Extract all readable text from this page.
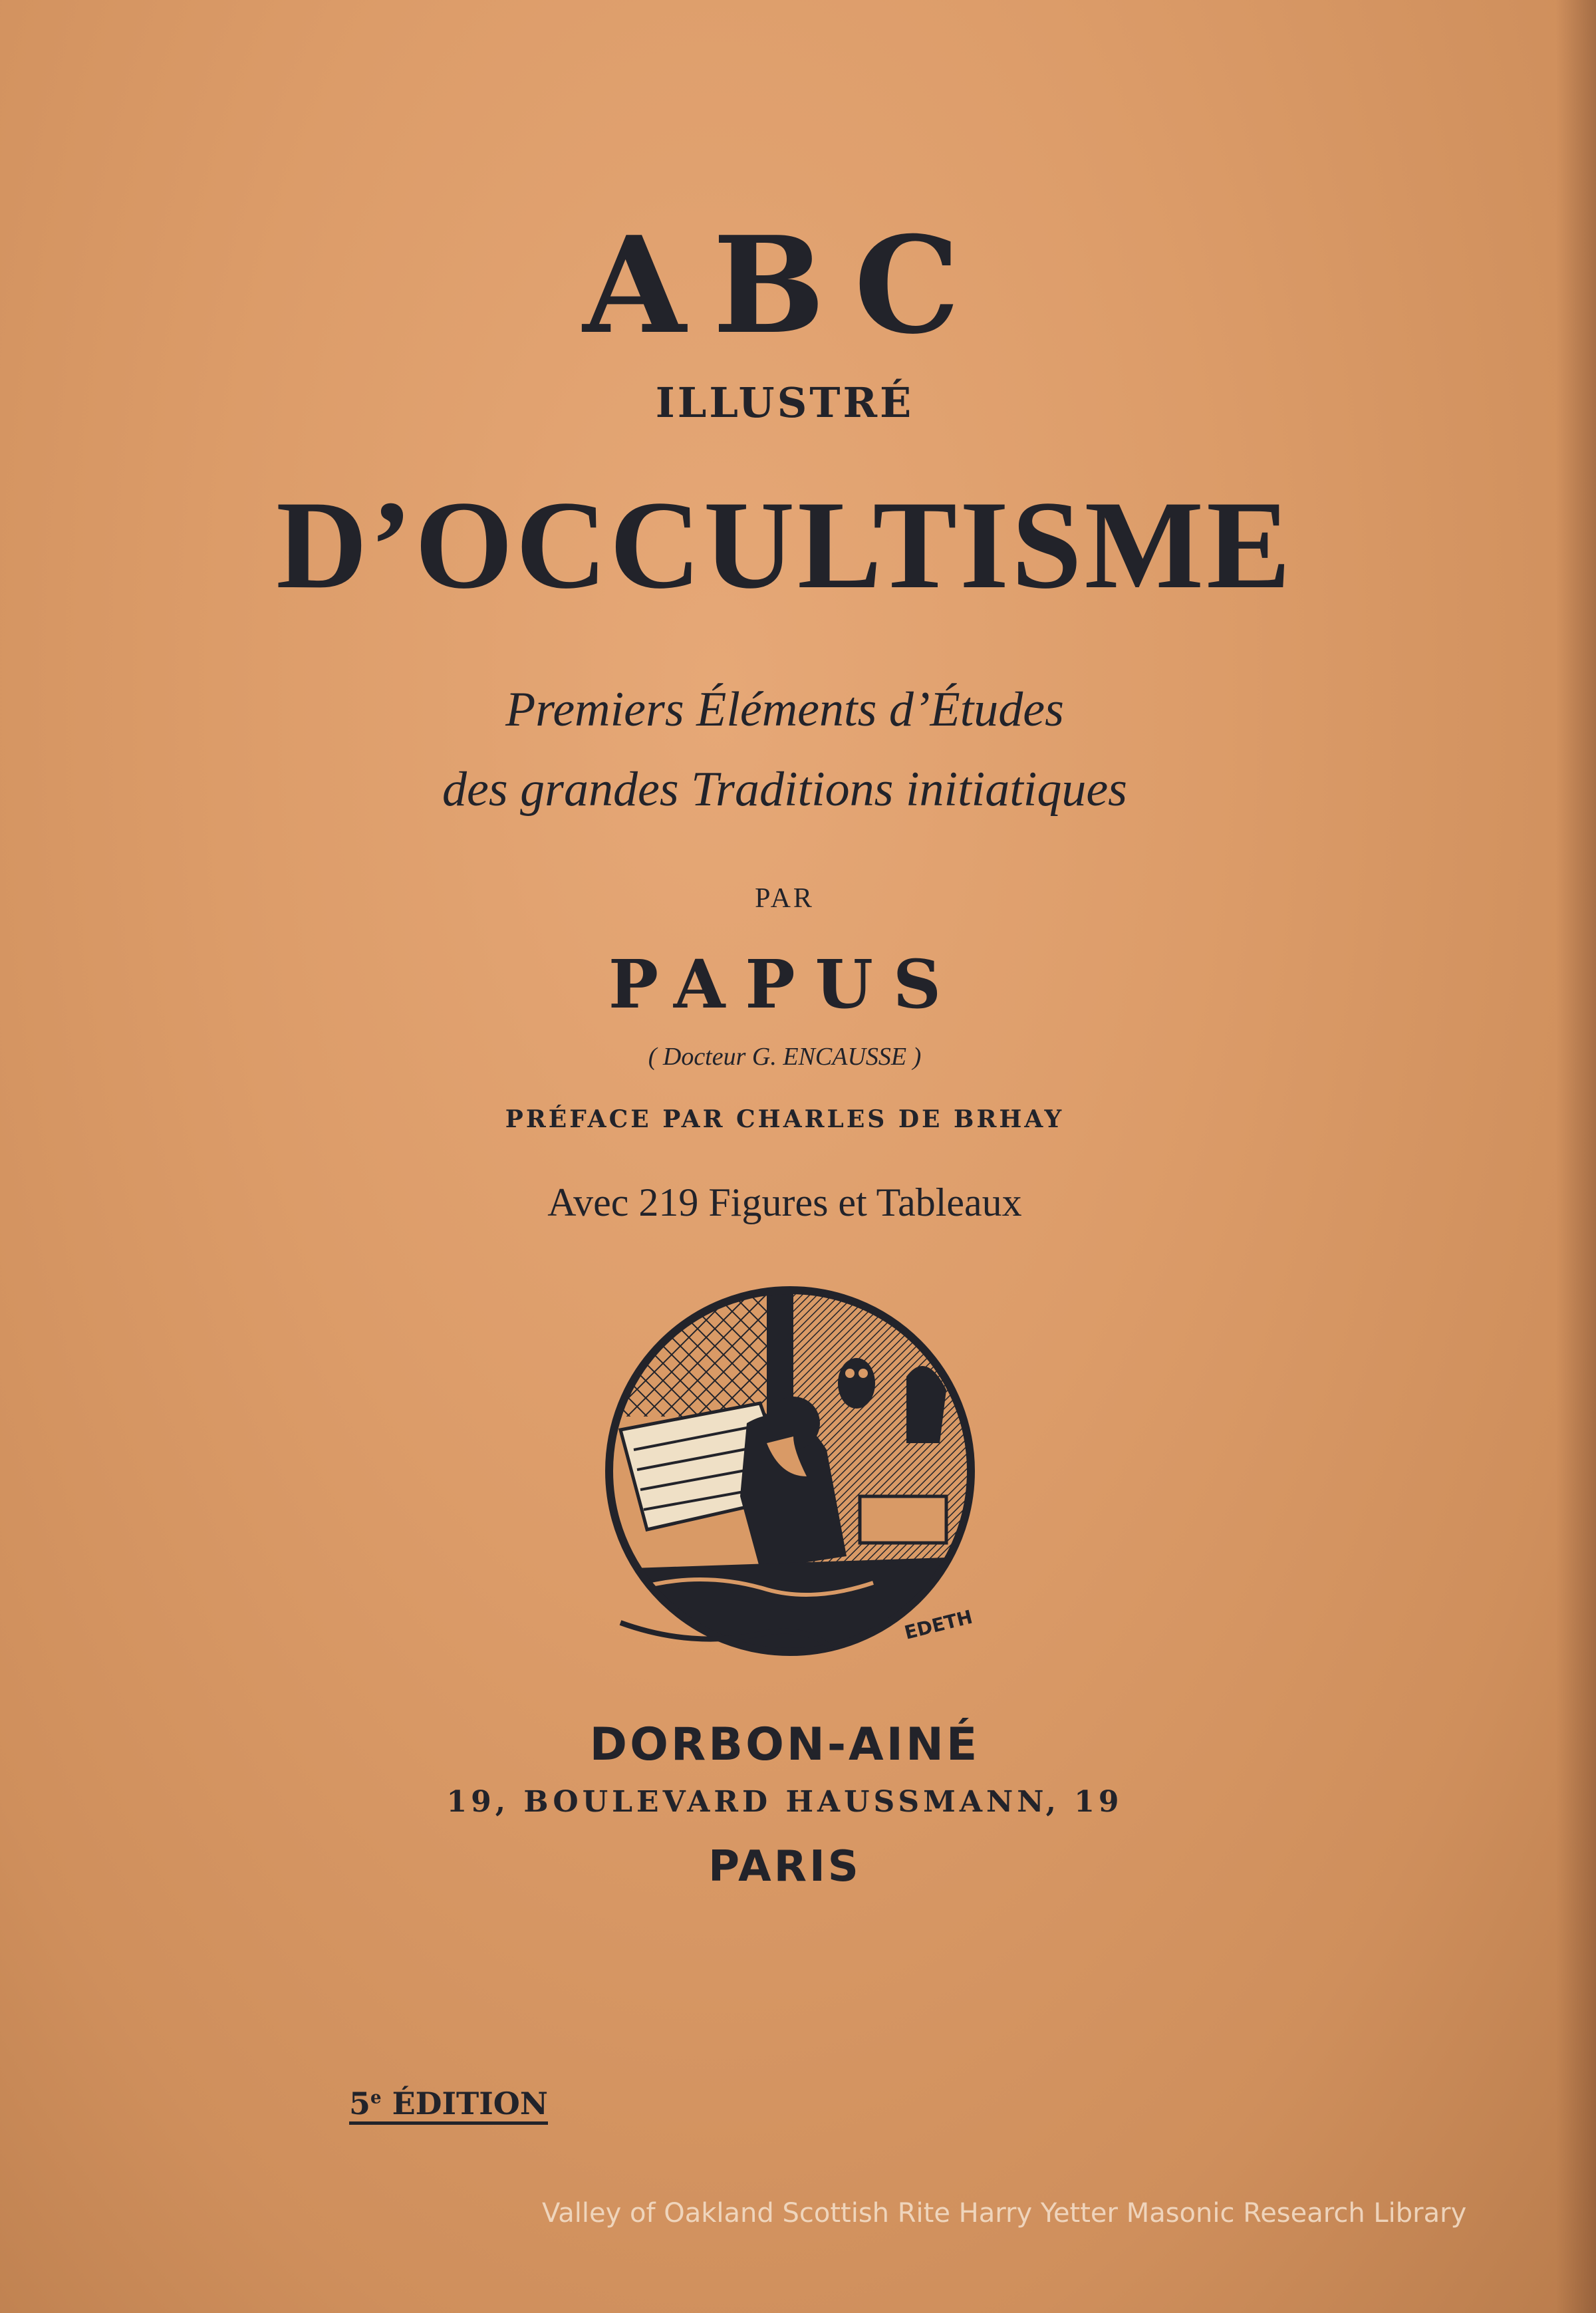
ABC

ILLUSTRÉ

D’OCCULTISME

Premiers Éléments d’Études

des grandes Traditions initiatiques

PAR

PAPUS

( Docteur G. ENCAUSSE )

PRÉFACE PAR CHARLES DE BRHAY

Avec 219 Figures et Tableaux

EDETH

DORBON-AINÉ

19, BOULEVARD HAUSSMANN, 19

PARIS

5e ÉDITION

Valley of Oakland Scottish Rite Harry Yetter Masonic Research Library
